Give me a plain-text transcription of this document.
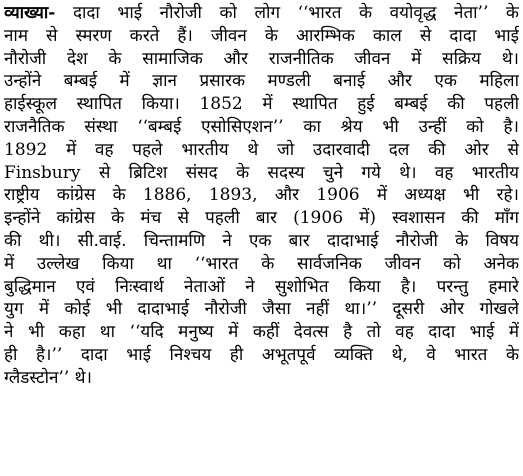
व्याख्या- दादा भाई नौरोजी को लोग ‘‘भारत के वयोवृद्ध नेता’’ के
नाम से स्मरण करते हैं। जीवन के आरम्भिक काल से दादा भाई
नौरोजी देश के सामाजिक और राजनीतिक जीवन में सक्रिय थे।
उन्होंने बम्बई में ज्ञान प्रसारक मण्डली बनाई और एक महिला
हाईस्कूल स्थापित किया। 1852 में स्थापित हुई बम्बई की पहली
राजनैतिक संस्था ‘‘बम्बई एसोसिएशन’’ का श्रेय भी उन्हीं को है।
1892 में वह पहले भारतीय थे जो उदारवादी दल की ओर से
Finsbury से ब्रिटिश संसद के सदस्य चुने गये थे। वह भारतीय
राष्ट्रीय कांग्रेस के 1886, 1893, और 1906 में अध्यक्ष भी रहे।
इन्होंने कांग्रेस के मंच से पहली बार (1906 में) स्वशासन की माँग
की थी। सी.वाई. चिन्तामणि ने एक बार दादाभाई नौरोजी के विषय
में उल्लेख किया था ‘‘भारत के सार्वजनिक जीवन को अनेक
बुद्धिमान एवं निःस्वार्थ नेताओं ने सुशोभित किया है। परन्तु हमारे
युग में कोई भी दादाभाई नौरोजी जैसा नहीं था।’’ दूसरी ओर गोखले
ने भी कहा था ‘‘यदि मनुष्य में कहीं देवत्स है तो वह दादा भाई में
ही है।’’ दादा भाई निश्चय ही अभूतपूर्व व्यक्ति थे, वे भारत के
ग्लैडस्टोन’’ थे।
